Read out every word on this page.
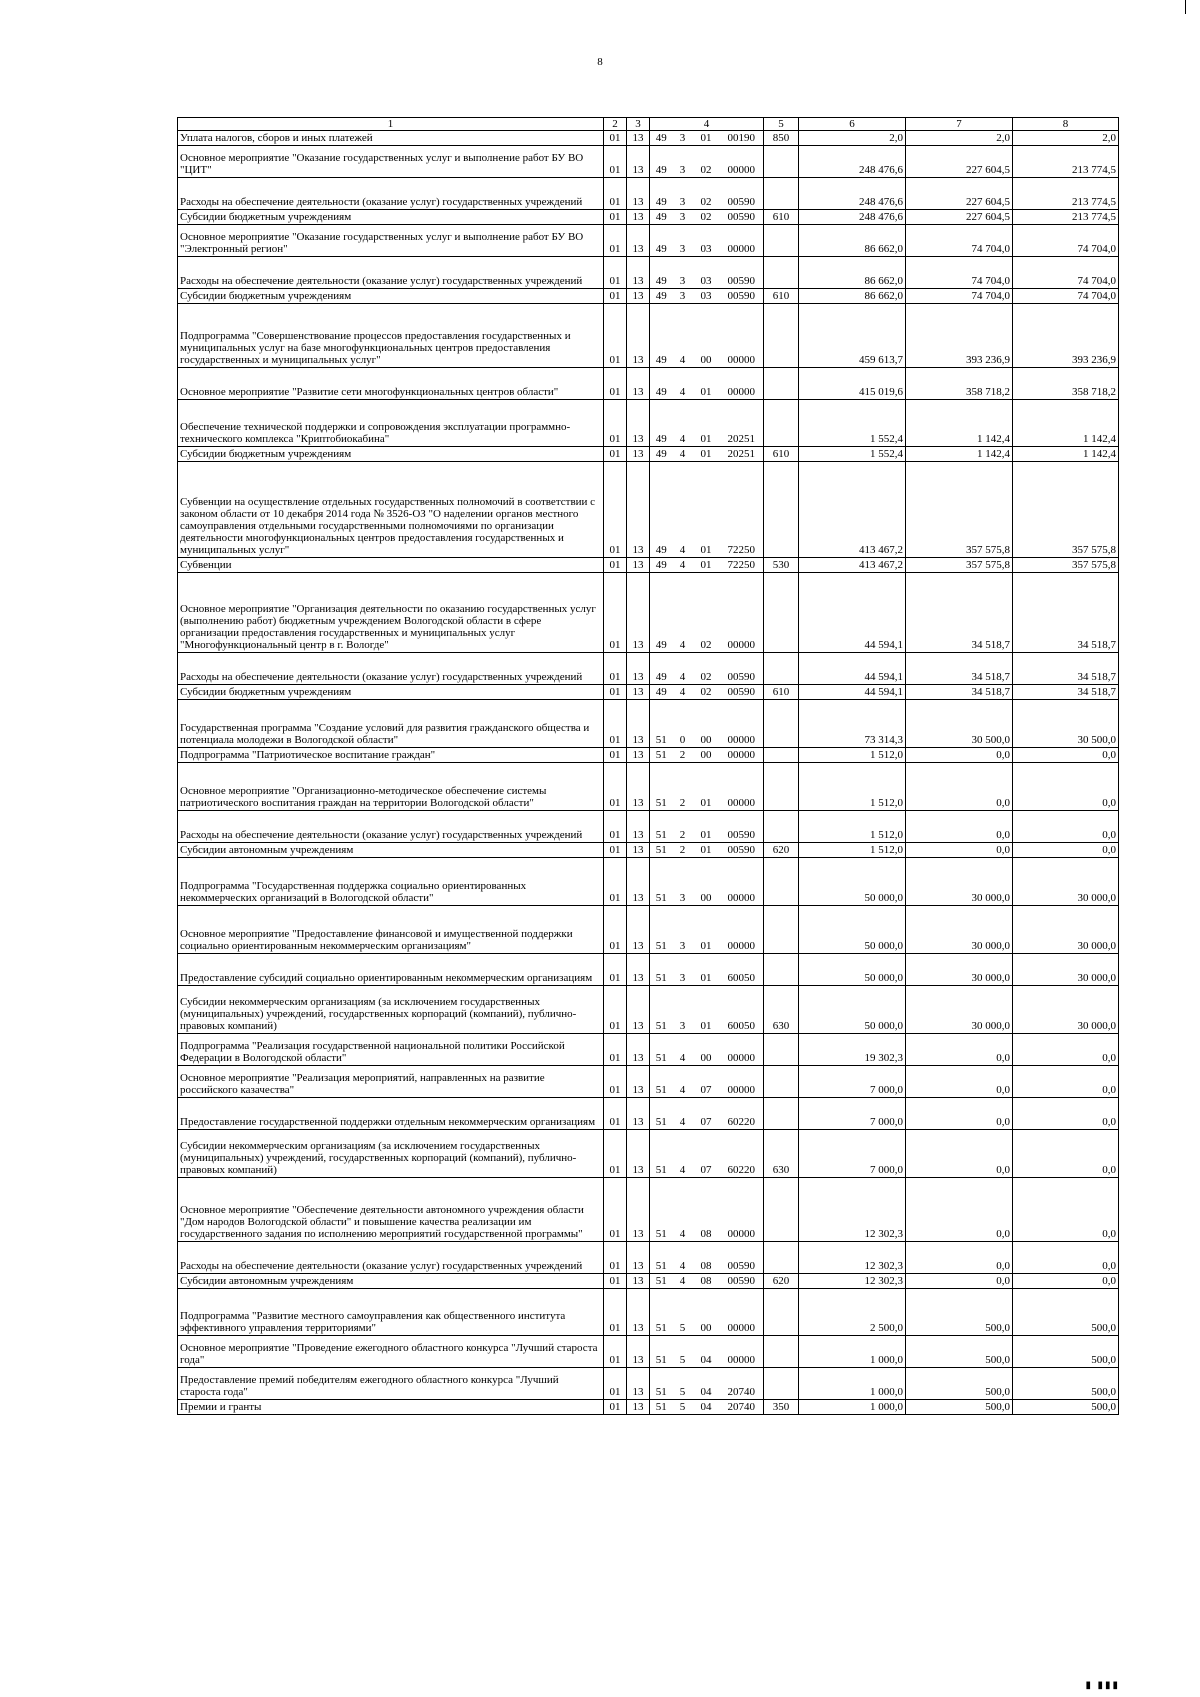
8
1	2	3	4				5	6	7	8
Уплата налогов, сборов и иных платежей	01	13	49	3	01	00190	850	2,0	2,0	2,0
Основное мероприятие "Оказание государственных услуг и выполнение работ БУ ВО "ЦИТ"	01	13	49	3	02	00000		248 476,6	227 604,5	213 774,5
Расходы на обеспечение деятельности (оказание услуг) государственных учреждений	01	13	49	3	02	00590		248 476,6	227 604,5	213 774,5
Субсидии бюджетным учреждениям	01	13	49	3	02	00590	610	248 476,6	227 604,5	213 774,5
Основное мероприятие "Оказание государственных услуг и выполнение работ БУ ВО "Электронный регион"	01	13	49	3	03	00000		86 662,0	74 704,0	74 704,0
Расходы на обеспечение деятельности (оказание услуг) государственных учреждений	01	13	49	3	03	00590		86 662,0	74 704,0	74 704,0
Субсидии бюджетным учреждениям	01	13	49	3	03	00590	610	86 662,0	74 704,0	74 704,0
Подпрограмма "Совершенствование процессов предоставления государственных и муниципальных услуг на базе многофункциональных центров предоставления государственных и муниципальных услуг"	01	13	49	4	00	00000		459 613,7	393 236,9	393 236,9
Основное мероприятие "Развитие сети многофункциональных центров области"	01	13	49	4	01	00000		415 019,6	358 718,2	358 718,2
Обеспечение технической поддержки и сопровождения эксплуатации программно-технического комплекса "Криптобиокабина"	01	13	49	4	01	20251		1 552,4	1 142,4	1 142,4
Субсидии бюджетным учреждениям	01	13	49	4	01	20251	610	1 552,4	1 142,4	1 142,4
Субвенции на осуществление отдельных государственных полномочий в соответствии с законом области от 10 декабря 2014 года № 3526-ОЗ "О наделении органов местного самоуправления отдельными государственными полномочиями по организации деятельности многофункциональных центров предоставления государственных и муниципальных услуг"	01	13	49	4	01	72250		413 467,2	357 575,8	357 575,8
Субвенции	01	13	49	4	01	72250	530	413 467,2	357 575,8	357 575,8
Основное мероприятие "Организация деятельности по оказанию государственных услуг (выполнению работ) бюджетным учреждением Вологодской области в сфере организации предоставления государственных и муниципальных услуг "Многофункциональный центр в г. Вологде"	01	13	49	4	02	00000		44 594,1	34 518,7	34 518,7
Расходы на обеспечение деятельности (оказание услуг) государственных учреждений	01	13	49	4	02	00590		44 594,1	34 518,7	34 518,7
Субсидии бюджетным учреждениям	01	13	49	4	02	00590	610	44 594,1	34 518,7	34 518,7
Государственная программа "Создание условий для развития гражданского общества и потенциала молодежи в Вологодской области"	01	13	51	0	00	00000		73 314,3	30 500,0	30 500,0
Подпрограмма "Патриотическое воспитание граждан"	01	13	51	2	00	00000		1 512,0	0,0	0,0
Основное мероприятие "Организационно-методическое обеспечение системы патриотического воспитания граждан на территории Вологодской области"	01	13	51	2	01	00000		1 512,0	0,0	0,0
Расходы на обеспечение деятельности (оказание услуг) государственных учреждений	01	13	51	2	01	00590		1 512,0	0,0	0,0
Субсидии автономным учреждениям	01	13	51	2	01	00590	620	1 512,0	0,0	0,0
Подпрограмма "Государственная поддержка социально ориентированных некоммерческих организаций в Вологодской области"	01	13	51	3	00	00000		50 000,0	30 000,0	30 000,0
Основное мероприятие "Предоставление финансовой и имущественной поддержки социально ориентированным некоммерческим организациям"	01	13	51	3	01	00000		50 000,0	30 000,0	30 000,0
Предоставление субсидий социально ориентированным некоммерческим организациям	01	13	51	3	01	60050		50 000,0	30 000,0	30 000,0
Субсидии некоммерческим организациям (за исключением государственных (муниципальных) учреждений, государственных корпораций (компаний), публично-правовых компаний)	01	13	51	3	01	60050	630	50 000,0	30 000,0	30 000,0
Подпрограмма "Реализация государственной национальной политики Российской Федерации в Вологодской области"	01	13	51	4	00	00000		19 302,3	0,0	0,0
Основное мероприятие "Реализация мероприятий, направленных на развитие российского казачества"	01	13	51	4	07	00000		7 000,0	0,0	0,0
Предоставление государственной поддержки отдельным некоммерческим организациям	01	13	51	4	07	60220		7 000,0	0,0	0,0
Субсидии некоммерческим организациям (за исключением государственных (муниципальных) учреждений, государственных корпораций (компаний), публично-правовых компаний)	01	13	51	4	07	60220	630	7 000,0	0,0	0,0
Основное мероприятие "Обеспечение деятельности автономного учреждения области "Дом народов Вологодской области" и повышение качества реализации им государственного задания по исполнению мероприятий государственной программы"	01	13	51	4	08	00000		12 302,3	0,0	0,0
Расходы на обеспечение деятельности (оказание услуг) государственных учреждений	01	13	51	4	08	00590		12 302,3	0,0	0,0
Субсидии автономным учреждениям	01	13	51	4	08	00590	620	12 302,3	0,0	0,0
Подпрограмма "Развитие местного самоуправления как общественного института эффективного управления территориями"	01	13	51	5	00	00000		2 500,0	500,0	500,0
Основное мероприятие "Проведение ежегодного областного конкурса "Лучший староста года"	01	13	51	5	04	00000		1 000,0	500,0	500,0
Предоставление премий победителям ежегодного областного конкурса "Лучший староста года"	01	13	51	5	04	20740		1 000,0	500,0	500,0
Премии и гранты	01	13	51	5	04	20740	350	1 000,0	500,0	500,0
▮ ▮▮▮
